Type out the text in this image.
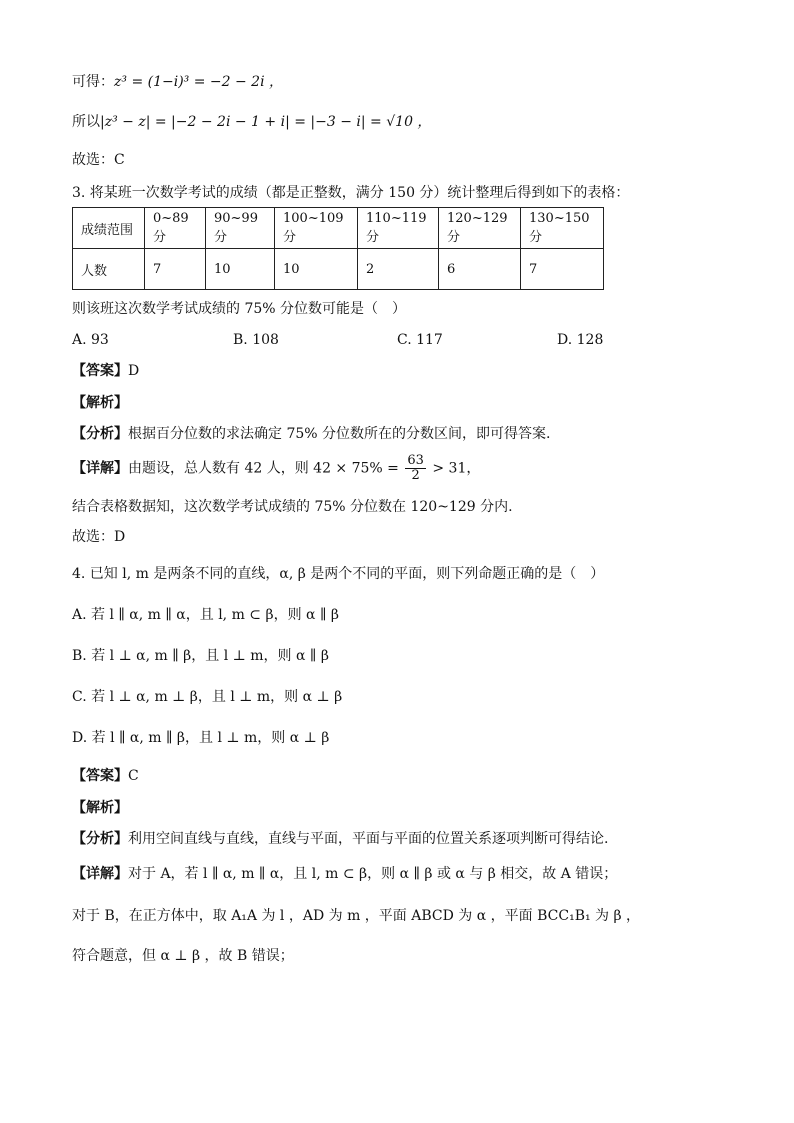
可得：z³ = (1−i)³ = −2 − 2i ，
所以|z³ − z| = |−2 − 2i − 1 + i| = |−3 − i| = √10 ，
故选：C
3. 将某班一次数学考试的成绩（都是正整数，满分 150 分）统计整理后得到如下的表格：
成绩范围	0~89分	90~99分	100~109分	110~119分	120~129分	130~150分
人数	7	10	10	2	6	7
则该班这次数学考试成绩的 75% 分位数可能是（　）
A. 93	B. 108	C. 117	D. 128
【答案】D
【解析】
【分析】根据百分位数的求法确定 75% 分位数所在的分数区间，即可得答案.
【详解】由题设，总人数有 42 人，则 $42 \times 75\% = \frac{63}{2} > 31$，
结合表格数据知，这次数学考试成绩的 75% 分位数在 120~129 分内.
故选：D
4. 已知 l, m 是两条不同的直线，α, β 是两个不同的平面，则下列命题正确的是（　）
A. 若 l ∥ α, m ∥ α，且 l, m ⊂ β，则 α ∥ β
B. 若 l ⊥ α, m ∥ β，且 l ⊥ m，则 α ∥ β
C. 若 l ⊥ α, m ⊥ β，且 l ⊥ m，则 α ⊥ β
D. 若 l ∥ α, m ∥ β，且 l ⊥ m，则 α ⊥ β
【答案】C
【解析】
【分析】利用空间直线与直线，直线与平面，平面与平面的位置关系逐项判断可得结论.
【详解】对于 A，若 l ∥ α, m ∥ α，且 l, m ⊂ β，则 α ∥ β 或 α 与 β 相交，故 A 错误；
对于 B，在正方体中，取 A₁A 为 l ，AD 为 m ，平面 ABCD 为 α ，平面 BCC₁B₁ 为 β ，
符合题意，但 α ⊥ β ，故 B 错误；
